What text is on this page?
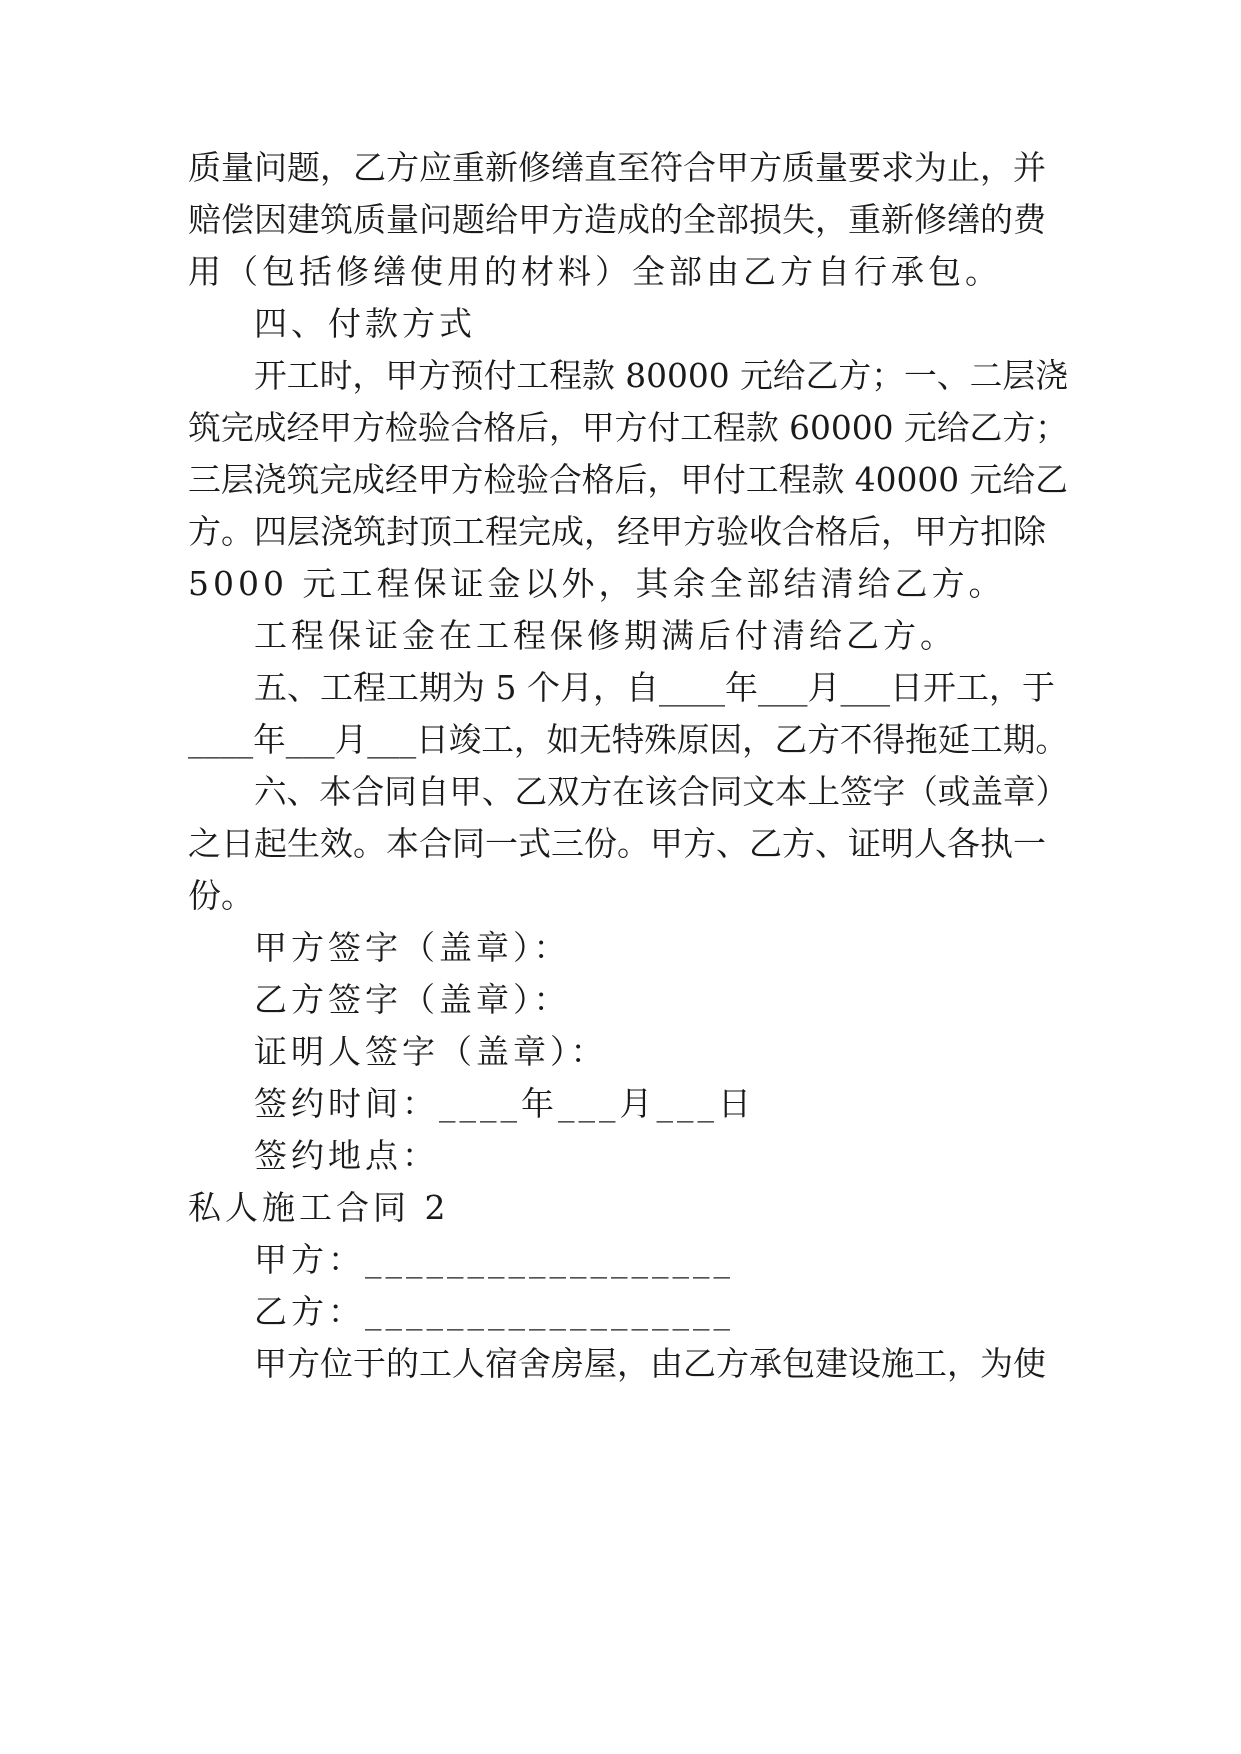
质量问题，乙方应重新修缮直至符合甲方质量要求为止，并
赔偿因建筑质量问题给甲方造成的全部损失，重新修缮的费
用（包括修缮使用的材料）全部由乙方自行承包。
四、付款方式
开工时，甲方预付工程款 80000 元给乙方；一、二层浇
筑完成经甲方检验合格后，甲方付工程款 60000 元给乙方；
三层浇筑完成经甲方检验合格后，甲付工程款 40000 元给乙
方。四层浇筑封顶工程完成，经甲方验收合格后，甲方扣除
5000 元工程保证金以外，其余全部结清给乙方。
工程保证金在工程保修期满后付清给乙方。
五、工程工期为 5 个月，自____年___月___日开工，于
____年___月___日竣工，如无特殊原因，乙方不得拖延工期。
六、本合同自甲、乙双方在该合同文本上签字（或盖章）
之日起生效。本合同一式三份。甲方、乙方、证明人各执一
份。
甲方签字（盖章）：
乙方签字（盖章）：
证明人签字（盖章）：
签约时间：____年___月___日
签约地点：
私人施工合同 2
甲方：__________________
乙方：__________________
甲方位于的工人宿舍房屋，由乙方承包建设施工，为使
